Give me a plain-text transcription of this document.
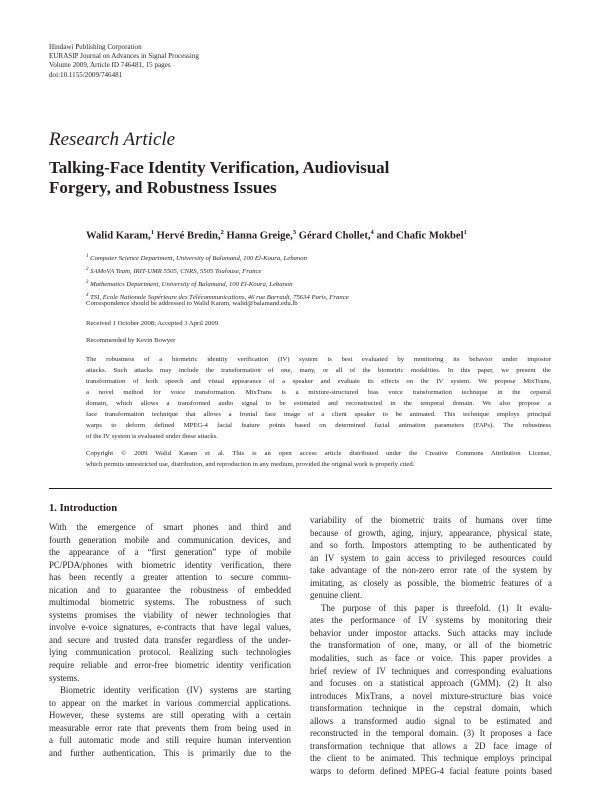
Hindawi Publishing Corporation
EURASIP Journal on Advances in Signal Processing
Volume 2009, Article ID 746481, 15 pages
doi:10.1155/2009/746481
Research Article
Talking-Face Identity Verification, Audiovisual
Forgery, and Robustness Issues
Walid Karam,$^1$ Hervé Bredin,$^2$ Hanna Greige,$^3$ Gérard Chollet,$^4$ and Chafic Mokbel$^1$
$^1$ Computer Science Department, University of Balamand, 100 El-Koura, Lebanon
$^2$ SAMoVA Team, IRIT-UMR 5505, CNRS, 5505 Toulouse, France
$^3$ Mathematics Department, University of Balamand, 100 El-Koura, Lebanon
$^4$ TSI, Ecole Nationale Supérieure des Télécommunications, 46 rue Barrault, 75634 Paris, France
Correspondence should be addressed to Walid Karam, walid@balamand.edu.lb
Received 1 October 2008; Accepted 3 April 2009
Recommended by Kevin Bowyer
The robustness of a biometric identity verification (IV) system is best evaluated by monitoring its behavior under impostor
attacks. Such attacks may include the transformation of one, many, or all of the biometric modalities. In this paper, we present the
transformation of both speech and visual appearance of a speaker and evaluate its effects on the IV system. We propose MixTrans,
a novel method for voice transformation. MixTrans is a mixture-structured bias voice transformation technique in the cepstral
domain, which allows a transformed audio signal to be estimated and reconstructed in the temporal domain. We also propose a
face transformation technique that allows a frontal face image of a client speaker to be animated. This technique employs principal
warps to deform defined MPEG-4 facial feature points based on determined facial animation parameters (FAPs). The robustness
of the IV system is evaluated under these attacks.
Copyright © 2009 Walid Karam et al. This is an open access article distributed under the Creative Commons Attribution License,
which permits unrestricted use, distribution, and reproduction in any medium, provided the original work is properly cited.
1. Introduction
With the emergence of smart phones and third and
fourth generation mobile and communication devices, and
the appearance of a “first generation” type of mobile
PC/PDA/phones with biometric identity verification, there
has been recently a greater attention to secure commu-
nication and to guarantee the robustness of embedded
multimodal biometric systems. The robustness of such
systems promises the viability of newer technologies that
involve e-voice signatures, e-contracts that have legal values,
and secure and trusted data transfer regardless of the under-
lying communication protocol. Realizing such technologies
require reliable and error-free biometric identity verification
systems.
Biometric identity verification (IV) systems are starting
to appear on the market in various commercial applications.
However, these systems are still operating with a certain
measurable error rate that prevents them from being used in
a full automatic mode and still require human intervention
and further authentication. This is primarily due to the
variability of the biometric traits of humans over time
because of growth, aging, injury, appearance, physical state,
and so forth. Impostors attempting to be authenticated by
an IV system to gain access to privileged resources could
take advantage of the non-zero error rate of the system by
imitating, as closely as possible, the biometric features of a
genuine client.
The purpose of this paper is threefold. (1) It evalu-
ates the performance of IV systems by monitoring their
behavior under impostor attacks. Such attacks may include
the transformation of one, many, or all of the biometric
modalities, such as face or voice. This paper provides a
brief review of IV techniques and corresponding evaluations
and focuses on a statistical approach (GMM). (2) It also
introduces MixTrans, a novel mixture-structure bias voice
transformation technique in the cepstral domain, which
allows a transformed audio signal to be estimated and
reconstructed in the temporal domain. (3) It proposes a face
transformation technique that allows a 2D face image of
the client to be animated. This technique employs principal
warps to deform defined MPEG-4 facial feature points based
